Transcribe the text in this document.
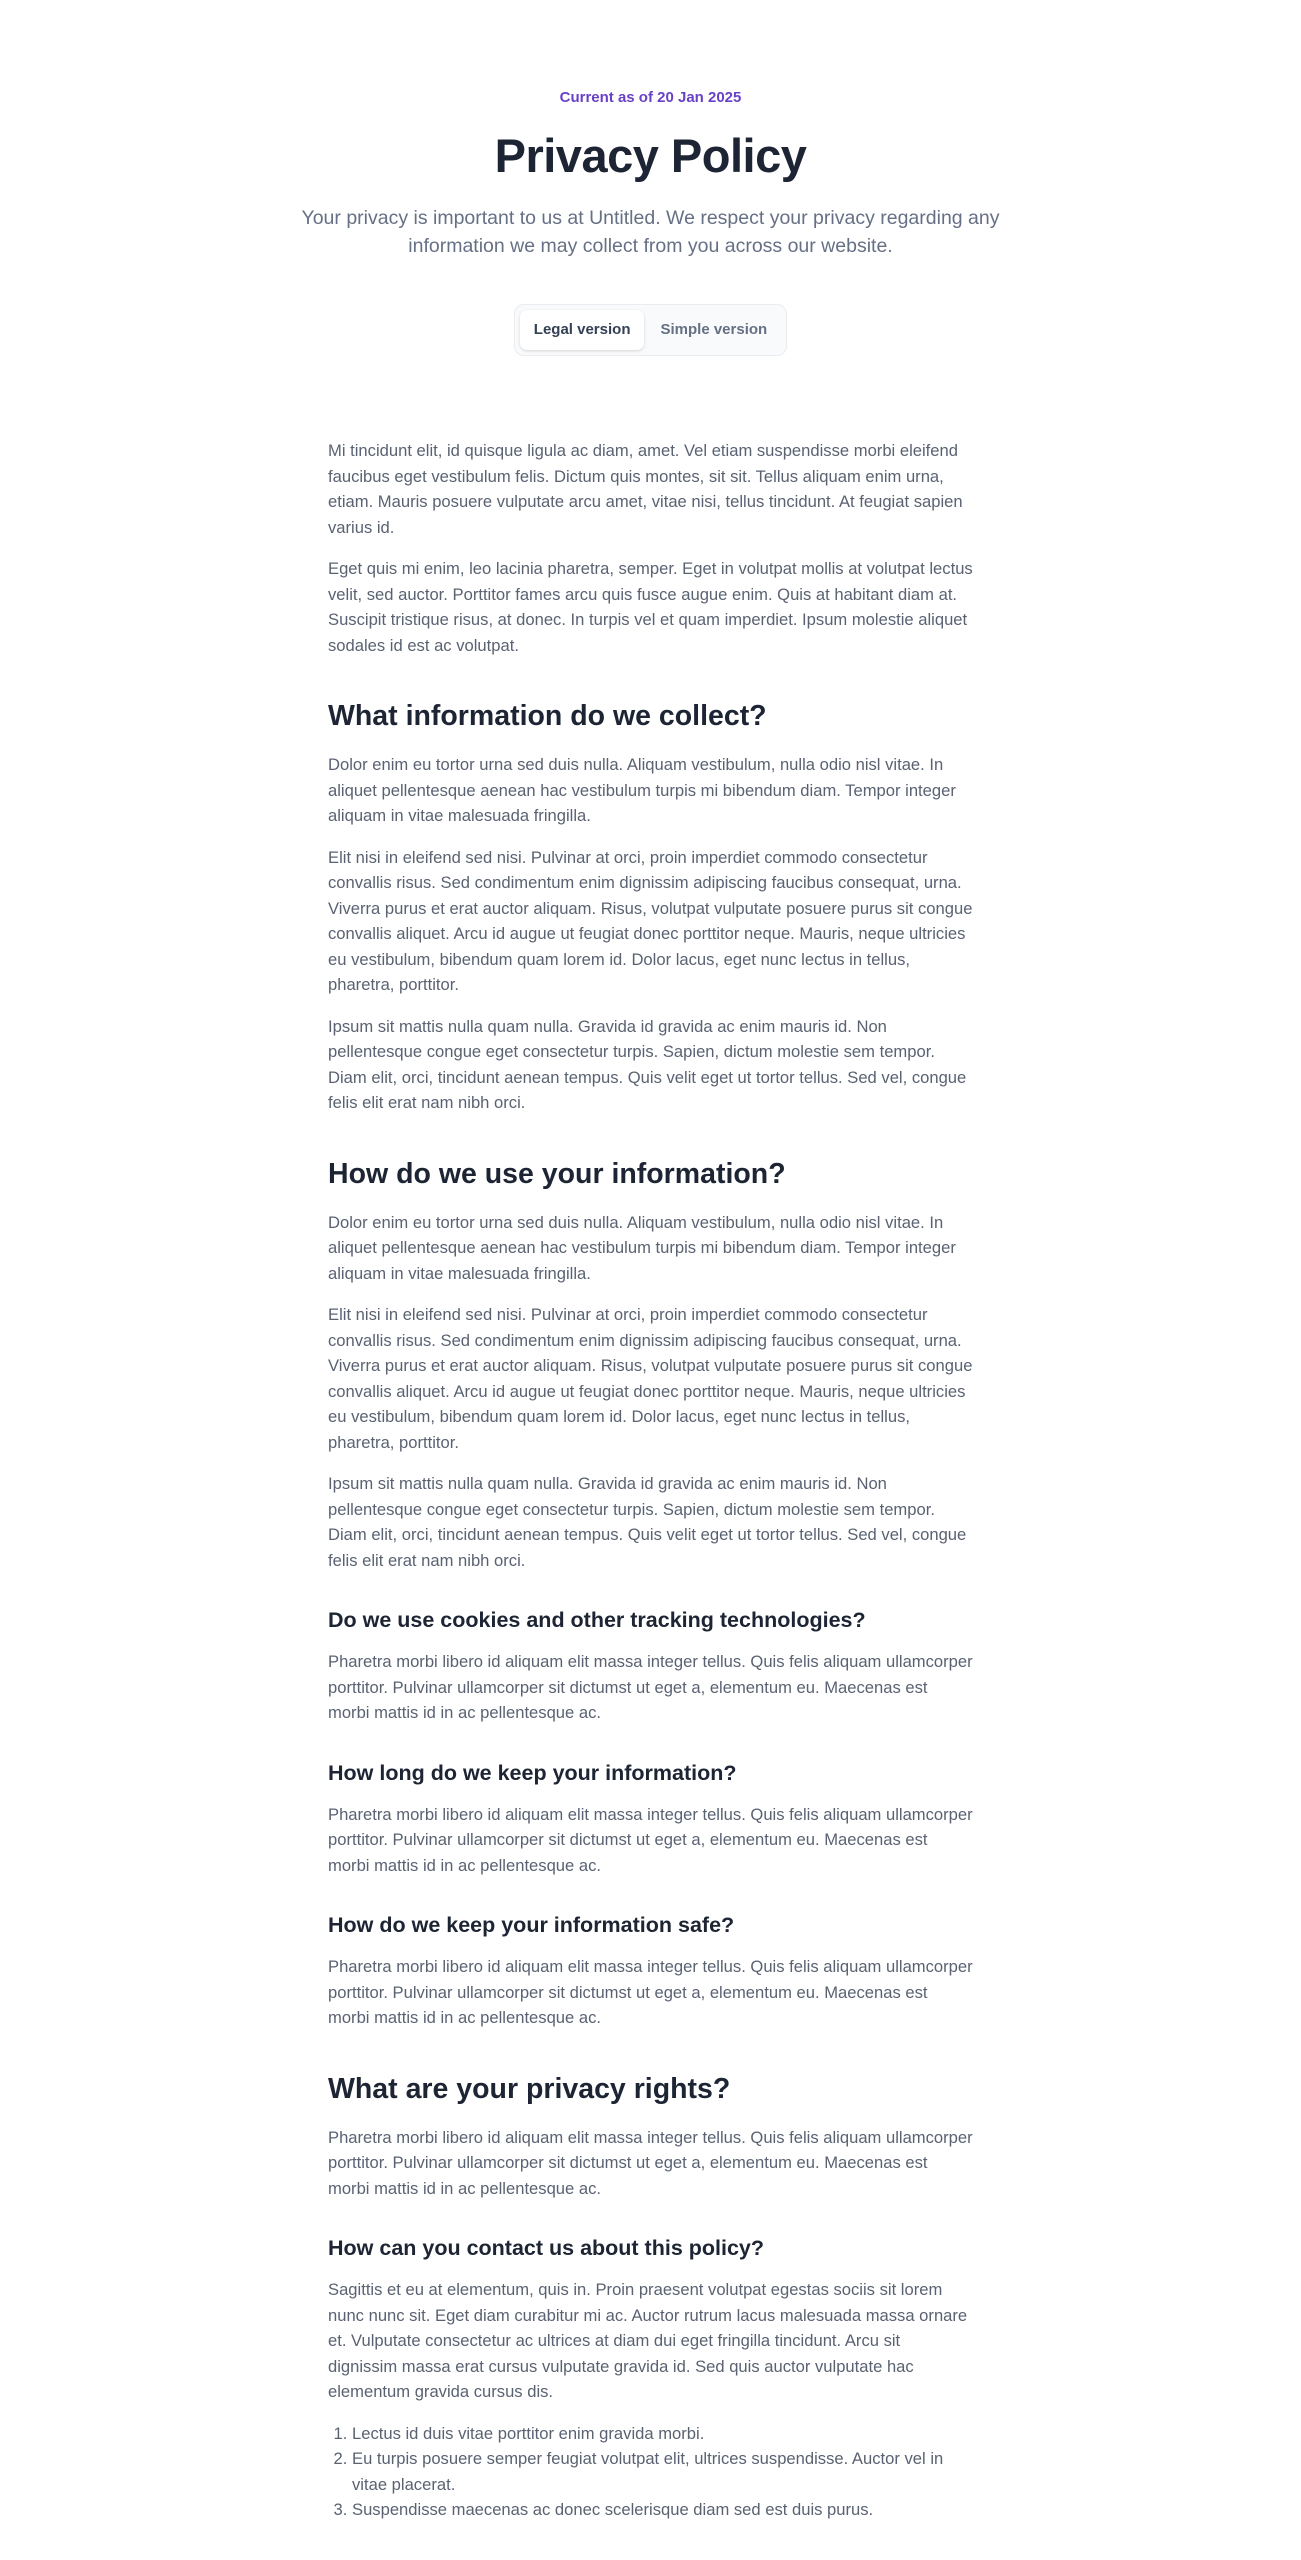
Current as of 20 Jan 2025
Privacy Policy

Your privacy is important to us at Untitled. We respect your privacy regarding any information we may collect from you across our website.

Legal version	Simple version

Mi tincidunt elit, id quisque ligula ac diam, amet. Vel etiam suspendisse morbi eleifend faucibus eget vestibulum felis. Dictum quis montes, sit sit. Tellus aliquam enim urna, etiam. Mauris posuere vulputate arcu amet, vitae nisi, tellus tincidunt. At feugiat sapien varius id.

Eget quis mi enim, leo lacinia pharetra, semper. Eget in volutpat mollis at volutpat lectus velit, sed auctor. Porttitor fames arcu quis fusce augue enim. Quis at habitant diam at. Suscipit tristique risus, at donec. In turpis vel et quam imperdiet. Ipsum molestie aliquet sodales id est ac volutpat.

What information do we collect?

Dolor enim eu tortor urna sed duis nulla. Aliquam vestibulum, nulla odio nisl vitae. In aliquet pellentesque aenean hac vestibulum turpis mi bibendum diam. Tempor integer aliquam in vitae malesuada fringilla.

Elit nisi in eleifend sed nisi. Pulvinar at orci, proin imperdiet commodo consectetur convallis risus. Sed condimentum enim dignissim adipiscing faucibus consequat, urna. Viverra purus et erat auctor aliquam. Risus, volutpat vulputate posuere purus sit congue convallis aliquet. Arcu id augue ut feugiat donec porttitor neque. Mauris, neque ultricies eu vestibulum, bibendum quam lorem id. Dolor lacus, eget nunc lectus in tellus, pharetra, porttitor.

Ipsum sit mattis nulla quam nulla. Gravida id gravida ac enim mauris id. Non pellentesque congue eget consectetur turpis. Sapien, dictum molestie sem tempor. Diam elit, orci, tincidunt aenean tempus. Quis velit eget ut tortor tellus. Sed vel, congue felis elit erat nam nibh orci.

How do we use your information?

Dolor enim eu tortor urna sed duis nulla. Aliquam vestibulum, nulla odio nisl vitae. In aliquet pellentesque aenean hac vestibulum turpis mi bibendum diam. Tempor integer aliquam in vitae malesuada fringilla.

Elit nisi in eleifend sed nisi. Pulvinar at orci, proin imperdiet commodo consectetur convallis risus. Sed condimentum enim dignissim adipiscing faucibus consequat, urna. Viverra purus et erat auctor aliquam. Risus, volutpat vulputate posuere purus sit congue convallis aliquet. Arcu id augue ut feugiat donec porttitor neque. Mauris, neque ultricies eu vestibulum, bibendum quam lorem id. Dolor lacus, eget nunc lectus in tellus, pharetra, porttitor.

Ipsum sit mattis nulla quam nulla. Gravida id gravida ac enim mauris id. Non pellentesque congue eget consectetur turpis. Sapien, dictum molestie sem tempor. Diam elit, orci, tincidunt aenean tempus. Quis velit eget ut tortor tellus. Sed vel, congue felis elit erat nam nibh orci.

Do we use cookies and other tracking technologies?

Pharetra morbi libero id aliquam elit massa integer tellus. Quis felis aliquam ullamcorper porttitor. Pulvinar ullamcorper sit dictumst ut eget a, elementum eu. Maecenas est morbi mattis id in ac pellentesque ac.

How long do we keep your information?

Pharetra morbi libero id aliquam elit massa integer tellus. Quis felis aliquam ullamcorper porttitor. Pulvinar ullamcorper sit dictumst ut eget a, elementum eu. Maecenas est morbi mattis id in ac pellentesque ac.

How do we keep your information safe?

Pharetra morbi libero id aliquam elit massa integer tellus. Quis felis aliquam ullamcorper porttitor. Pulvinar ullamcorper sit dictumst ut eget a, elementum eu. Maecenas est morbi mattis id in ac pellentesque ac.

What are your privacy rights?

Pharetra morbi libero id aliquam elit massa integer tellus. Quis felis aliquam ullamcorper porttitor. Pulvinar ullamcorper sit dictumst ut eget a, elementum eu. Maecenas est morbi mattis id in ac pellentesque ac.

How can you contact us about this policy?

Sagittis et eu at elementum, quis in. Proin praesent volutpat egestas sociis sit lorem nunc nunc sit. Eget diam curabitur mi ac. Auctor rutrum lacus malesuada massa ornare et. Vulputate consectetur ac ultrices at diam dui eget fringilla tincidunt. Arcu sit dignissim massa erat cursus vulputate gravida id. Sed quis auctor vulputate hac elementum gravida cursus dis.

1. Lectus id duis vitae porttitor enim gravida morbi.
2. Eu turpis posuere semper feugiat volutpat elit, ultrices suspendisse. Auctor vel in vitae placerat.
3. Suspendisse maecenas ac donec scelerisque diam sed est duis purus.
